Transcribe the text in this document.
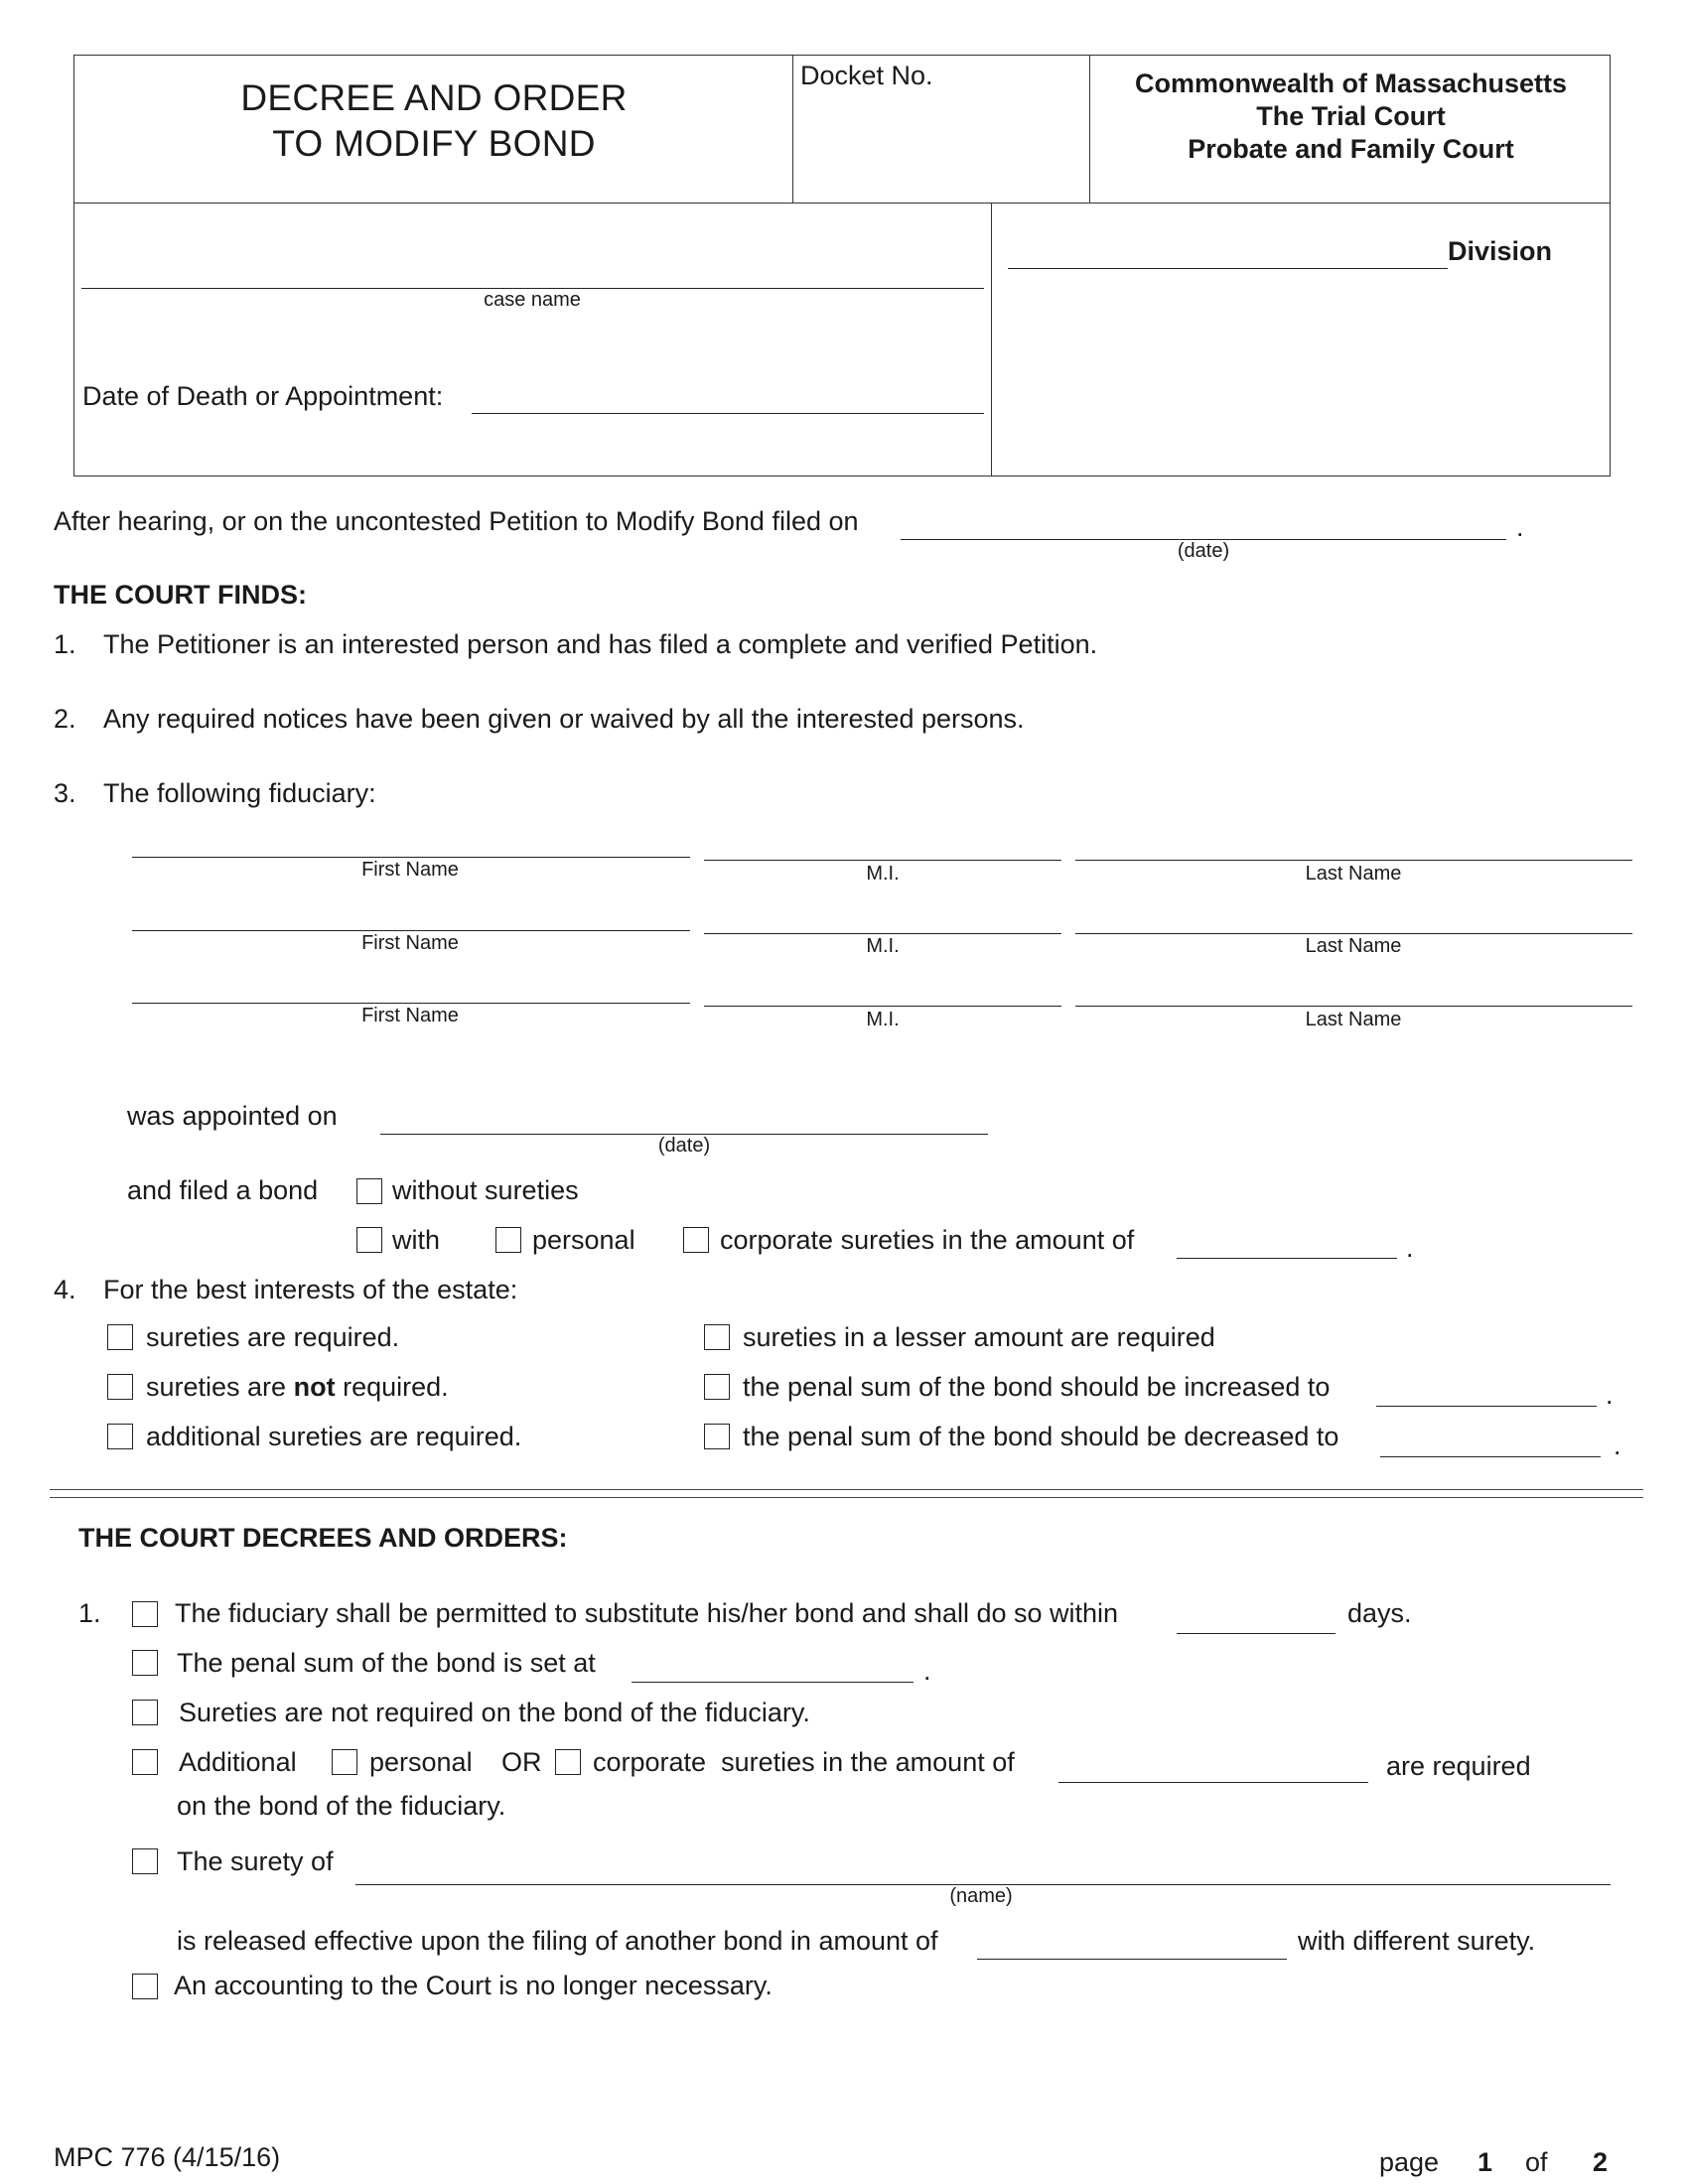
DECREE AND ORDER
TO MODIFY BOND
Docket No.	Commonwealth of Massachusetts
The Trial Court
Probate and Family Court
case name
Date of Death or Appointment:
Division
After hearing, or on the uncontested Petition to Modify Bond filed on	.
(date)
THE COURT FINDS:
1. The Petitioner is an interested person and has filed a complete and verified Petition.
2. Any required notices have been given or waived by all the interested persons.
3. The following fiduciary:
First Name	M.I.	Last Name
First Name	M.I.	Last Name
First Name	M.I.	Last Name
was appointed on
(date)
and filed a bond	without sureties
with	personal	corporate sureties in the amount of	.
4. For the best interests of the estate:
sureties are required.
sureties are not required.
additional sureties are required.
sureties in a lesser amount are required
the penal sum of the bond should be increased to	.
the penal sum of the bond should be decreased to	.
THE COURT DECREES AND ORDERS:
1.	The fiduciary shall be permitted to substitute his/her bond and shall do so within	days.
The penal sum of the bond is set at	.
Sureties are not required on the bond of the fiduciary.
Additional	personal OR corporate  sureties in the amount of	are required
on the bond of the fiduciary.
The surety of
(name)
is released effective upon the filing of another bond in amount of	with different surety.
An accounting to the Court is no longer necessary.
MPC 776 (4/15/16)	page 1 of 2
